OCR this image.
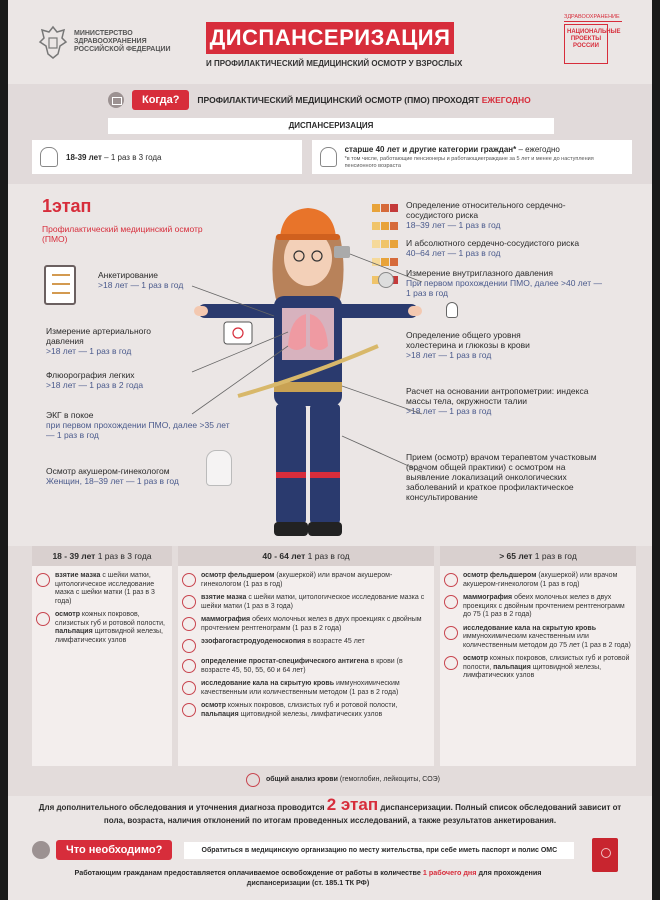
МИНИСТЕРСТВО
ЗДРАВООХРАНЕНИЯ
РОССИЙСКОЙ ФЕДЕРАЦИИ ДИСПАНСЕРИЗАЦИЯ
И ПРОФИЛАКТИЧЕСКИЙ МЕДИЦИНСКИЙ ОСМОТР У ВЗРОСЛЫХ
ЗДРАВООХРАНЕНИЕ
НАЦИОНАЛЬНЫЕ ПРОЕКТЫ РОССИИ
Когда?	ПРОФИЛАКТИЧЕСКИЙ МЕДИЦИНСКИЙ ОСМОТР (ПМО) ПРОХОДЯТ ЕЖЕГОДНО
ДИСПАНСЕРИЗАЦИЯ
18-39 лет – 1 раз в 3 года
старше 40 лет и другие категории граждан* – ежегодно
*в том числе, работающие пенсионеры и работающиеграждане за 5 лет и менее до наступления пенсионного возраста
1этап
Профилактический медицинский осмотр (ПМО)
Анкетирование
>18 лет — 1 раз в год
Измерение артериального давления
>18 лет — 1 раз в год
Флюорография легких
>18 лет — 1 раз в 2 года
ЭКГ в покое
при первом прохождении ПМО, далее >35 лет — 1 раз в год
Осмотр акушером-гинекологом
Женщин, 18–39 лет — 1 раз в год

Определение относительного сердечно-сосудистого риска
18–39 лет — 1 раз в год
И абсолютного сердечно-сосудистого риска
40–64 лет — 1 раз в год
Измерение внутриглазного давления
При первом прохождении ПМО, далее >40 лет — 1 раз в год
Определение общего уровня холестерина и глюкозы в крови
>18 лет — 1 раз в год
Расчет на основании антропометрии: индекса массы тела, окружности талии
>18 лет — 1 раз в год
Прием (осмотр) врачом терапевтом участковым (врачом общей практики) с осмотром на выявление локализаций онкологических заболеваний и краткое профилактическое консультирование
18 - 39 лет 1 раз в 3 года
взятие мазка с шейки матки, цитологическое исследование мазка с шейки матки (1 раз в 3 года)
осмотр кожных покровов, слизистых губ и ротовой полости, пальпация щитовидной железы, лимфатических узлов
40 - 64 лет 1 раз в год
осмотр фельдшером (акушеркой) или врачом акушером- гинекологом (1 раз в год)
взятие мазка с шейки матки, цитологическое исследование мазка с шейки матки (1 раз в 3 года)
маммография обеих молочных желез в двух проекциях с двойным прочтением рентгенограмм (1 раз в 2 года)
эзофагогастродуоденоскопия в возрасте 45 лет
определение простат-специфического антигена в крови (в возрасте 45, 50, 55, 60 и 64 лет)
исследование кала на скрытую кровь иммунохимическим качественным или количественным методом (1 раз в 2 года)
осмотр кожных покровов, слизистых губ и ротовой полости, пальпация щитовидной железы, лимфатических узлов
> 65 лет 1 раз в год
осмотр фельдшером (акушеркой) или врачом акушером-гинекологом (1 раз в год)
маммография обеих молочных желез в двух проекциях с двойным прочтением рентгенограмм до 75 (1 раз в 2 года)
исследование кала на скрытую кровь иммунохимическим качественным или количественным методом до 75 лет (1 раз в 2 года)
осмотр кожных покровов, слизистых губ и ротовой полости, пальпация щитовидной железы, лимфатических узлов
общий анализ крови (гемоглобин, лейкоциты, СОЭ)
Для дополнительного обследования и уточнения диагноза проводится 2 этап диспансеризации. Полный список обследований зависит от пола, возраста, наличия отклонений по итогам проведенных исследований, а также результатов анкетирования.
Что необходимо?	Обратиться в медицинскую организацию по месту жительства, при себе иметь паспорт и полис ОМС
Работающим гражданам предоставляется оплачиваемое освобождение от работы в количестве 1 рабочего дня для прохождения диспансеризации (ст. 185.1 ТК РФ)
